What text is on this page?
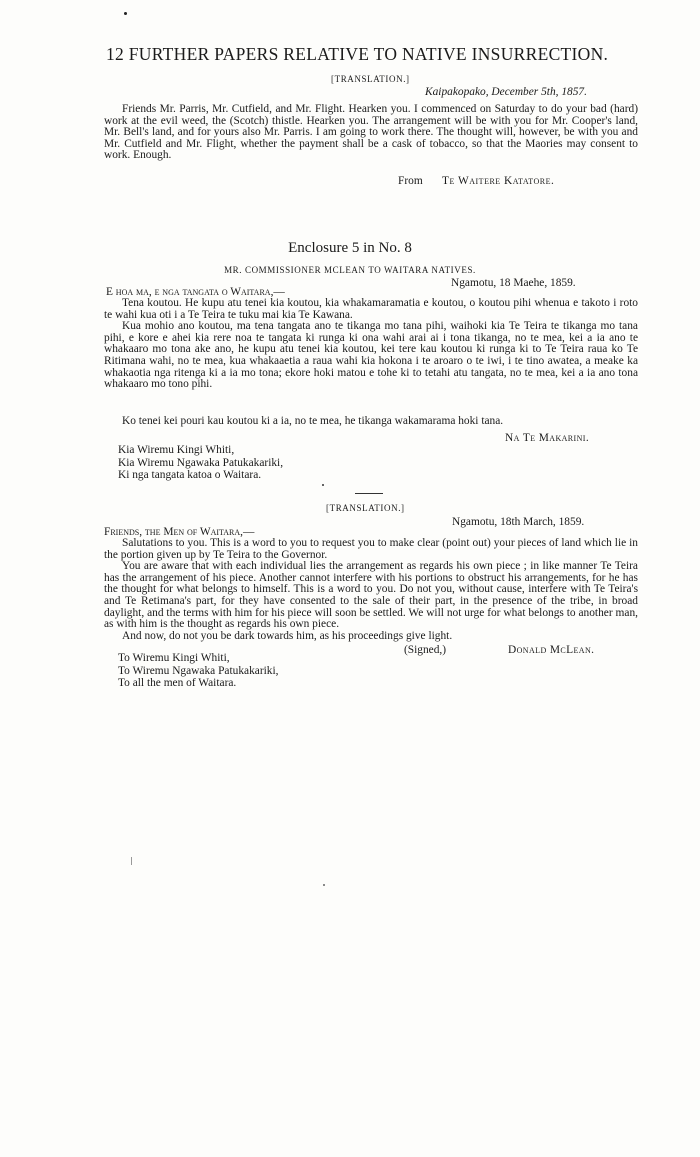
12 FURTHER PAPERS RELATIVE TO NATIVE INSURRECTION.
[TRANSLATION.]
Kaipakopako, December 5th, 1857.

Friends Mr. Parris, Mr. Cutfield, and Mr. Flight. Hearken you. I commenced on Saturday to do your bad (hard) work at the evil weed, the (Scotch) thistle. Hearken you. The arrangement will be with you for Mr. Cooper's land, Mr. Bell's land, and for yours also Mr. Parris. I am going to work there. The thought will, however, be with you and Mr. Cutfield and Mr. Flight, whether the payment shall be a cask of tobacco, so that the Maories may consent to work. Enough.

From Te Waitere Katatore.
Enclosure 5 in No. 8
MR. COMMISSIONER MCLEAN TO WAITARA NATIVES.
Ngamotu, 18 Maehe, 1859.
E hoa ma, e nga tangata o Waitara,—

Tena koutou. He kupu atu tenei kia koutou, kia whakamaramatia e koutou, o koutou pihi whenua e takoto i roto te wahi kua oti i a Te Teira te tuku mai kia Te Kawana.

Kua mohio ano koutou, ma tena tangata ano te tikanga mo tana pihi, waihoki kia Te Teira te tikanga mo tana pihi, e kore e ahei kia rere noa te tangata ki runga ki ona wahi arai ai i tona tikanga, no te mea, kei a ia ano te whakaaro mo tona ake ano, he kupu atu tenei kia koutou, kei tere kau koutou ki runga ki to Te Teira raua ko Te Ritimana wahi, no te mea, kua whakaaetia a raua wahi kia hokona i te aroaro o te iwi, i te tino awatea, a meake ka whakaotia nga ritenga ki a ia mo tona; ekore hoki matou e tohe ki to tetahi atu tangata, no te mea, kei a ia ano tona whakaaro mo tono pihi.

Ko tenei kei pouri kau koutou ki a ia, no te mea, he tikanga wakamarama hoki tana.

Na Te Makarini.
Kia Wiremu Kingi Whiti,
Kia Wiremu Ngawaka Patukakariki,
Ki nga tangata katoa o Waitara.
[TRANSLATION.]
Ngamotu, 18th March, 1859.
Friends, the Men of Waitara,—

Salutations to you. This is a word to you to request you to make clear (point out) your pieces of land which lie in the portion given up by Te Teira to the Governor.

You are aware that with each individual lies the arrangement as regards his own piece ; in like manner Te Teira has the arrangement of his piece. Another cannot interfere with his portions to obstruct his arrangements, for he has the thought for what belongs to himself. This is a word to you. Do not you, without cause, interfere with Te Teira's and Te Retimana's part, for they have consented to the sale of their part, in the presence of the tribe, in broad daylight, and the terms with him for his piece will soon be settled. We will not urge for what belongs to another man, as with him is the thought as regards his own piece.

And now, do not you be dark towards him, as his proceedings give light.

(Signed,)	Donald McLean.
To Wiremu Kingi Whiti,
To Wiremu Ngawaka Patukakariki,
To all the men of Waitara.
